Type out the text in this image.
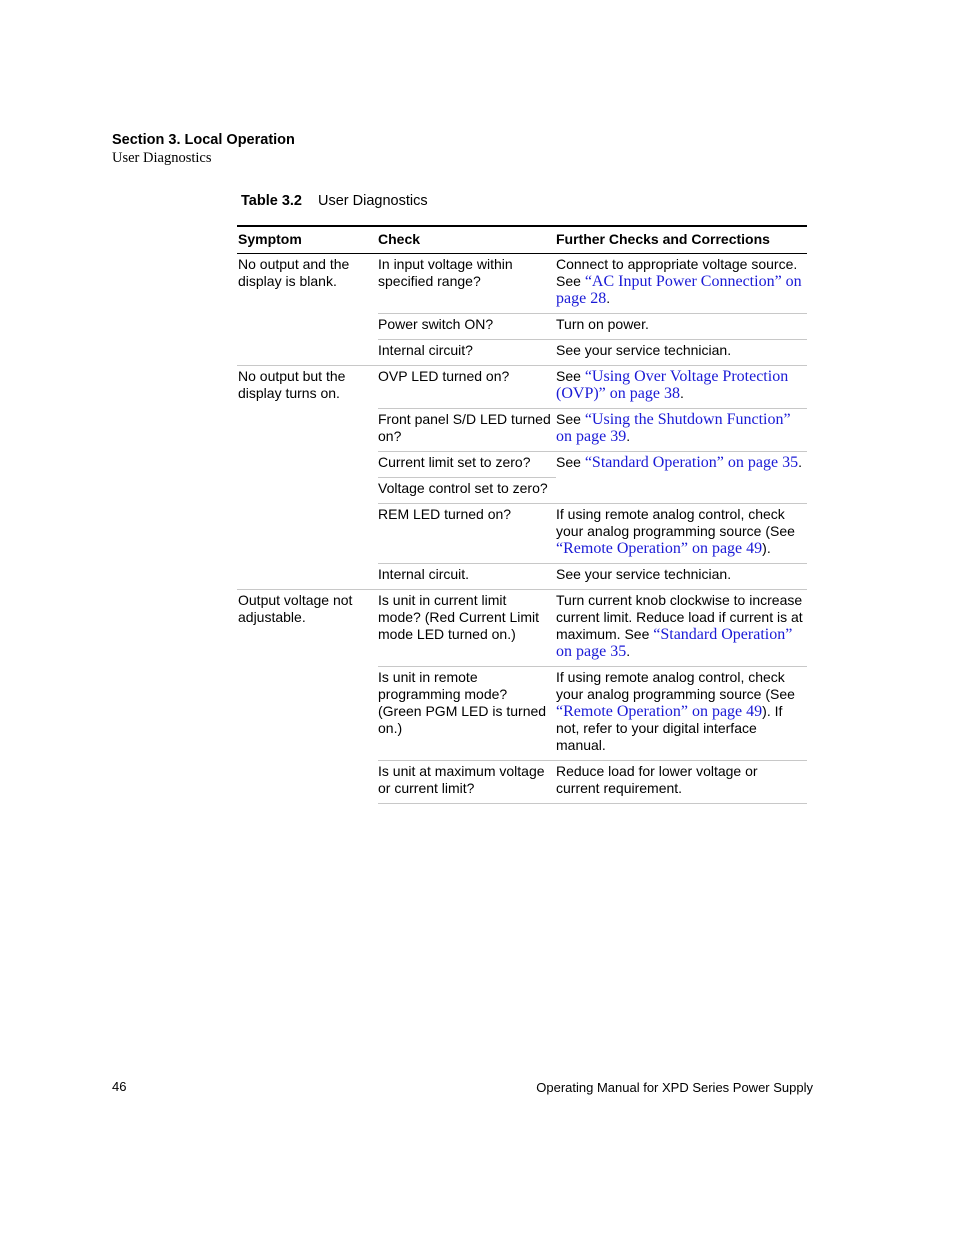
Section 3. Local Operation
User Diagnostics
Table 3.2 User Diagnostics
Symptom	Check	Further Checks and Corrections
No output and the display is blank.	In input voltage within specified range?	Connect to appropriate voltage source. See “AC Input Power Connection” on page 28.
	Power switch ON?	Turn on power.
	Internal circuit?	See your service technician.
No output but the display turns on.	OVP LED turned on?	See “Using Over Voltage Protection (OVP)” on page 38.
	Front panel S/D LED turned on?	See “Using the Shutdown Function” on page 39.
	Current limit set to zero?	See “Standard Operation” on page 35.
	Voltage control set to zero?	
	REM LED turned on?	If using remote analog control, check your analog programming source (See “Remote Operation” on page 49).
	Internal circuit.	See your service technician.
Output voltage not adjustable.	Is unit in current limit mode? (Red Current Limit mode LED turned on.)	Turn current knob clockwise to increase current limit. Reduce load if current is at maximum. See “Standard Operation” on page 35.
	Is unit in remote programming mode? (Green PGM LED is turned on.)	If using remote analog control, check your analog programming source (See “Remote Operation” on page 49). If not, refer to your digital interface manual.
	Is unit at maximum voltage or current limit?	Reduce load for lower voltage or current requirement.
46	Operating Manual for XPD Series Power Supply
